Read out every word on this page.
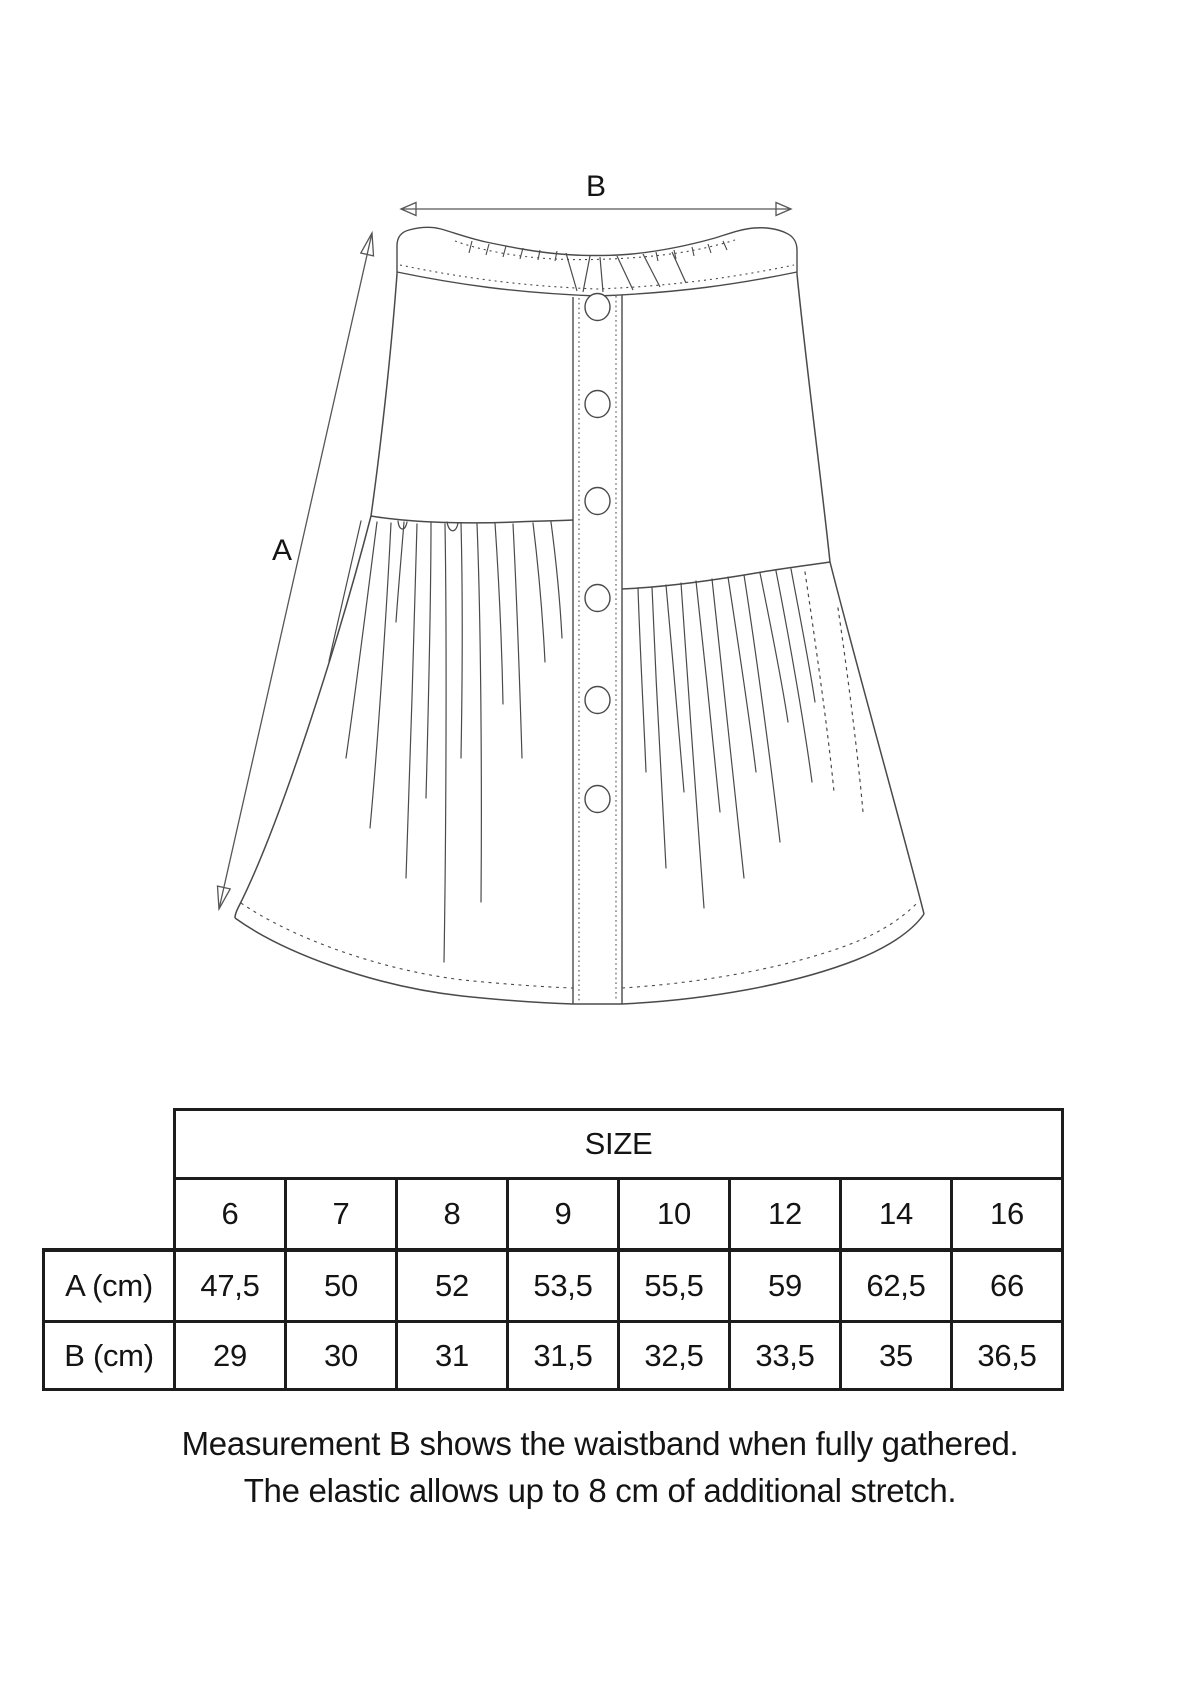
B
A
	SIZE							
	6	7	8	9	10	12	14	16
A (cm)	47,5	50	52	53,5	55,5	59	62,5	66
B (cm)	29	30	31	31,5	32,5	33,5	35	36,5
Measurement B shows the waistband when fully gathered.
The elastic allows up to 8 cm of additional stretch.
